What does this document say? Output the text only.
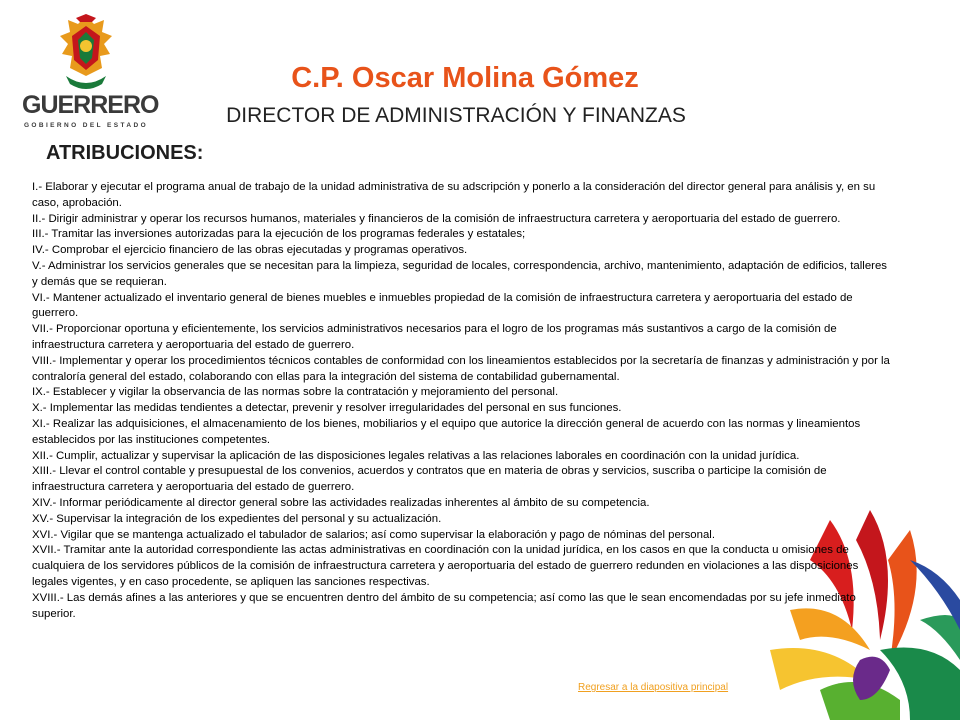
GUERRERO
GOBIERNO DEL ESTADO
C.P. Oscar Molina Gómez
DIRECTOR DE ADMINISTRACIÓN Y FINANZAS
ATRIBUCIONES:

I.- Elaborar y ejecutar el programa anual de trabajo de la unidad administrativa de su adscripción y ponerlo a la consideración del director general para análisis y, en su caso, aprobación.

II.- Dirigir administrar y operar los recursos humanos, materiales y financieros de la comisión de infraestructura carretera y aeroportuaria del estado de guerrero.

III.- Tramitar las inversiones autorizadas para la ejecución de los programas federales y estatales;

IV.- Comprobar el ejercicio financiero de las obras ejecutadas y programas operativos.

V.- Administrar los servicios generales que se necesitan para la limpieza, seguridad de locales, correspondencia, archivo, mantenimiento, adaptación de edificios, talleres y demás que se requieran.

VI.- Mantener actualizado el inventario general de bienes muebles e inmuebles propiedad de la comisión de infraestructura carretera y aeroportuaria del estado de guerrero.

VII.- Proporcionar oportuna y eficientemente, los servicios administrativos necesarios para el logro de los programas más sustantivos a cargo de la comisión de infraestructura carretera y aeroportuaria del estado de guerrero.

VIII.- Implementar y operar los procedimientos técnicos contables de conformidad con los lineamientos establecidos por la secretaría de finanzas y administración y por la contraloría general del estado, colaborando con ellas para la integración del sistema de contabilidad gubernamental.

IX.- Establecer y vigilar la observancia de las normas sobre la contratación y mejoramiento del personal.

X.- Implementar las medidas tendientes a detectar, prevenir y resolver irregularidades del personal en sus funciones.

XI.- Realizar las adquisiciones, el almacenamiento de los bienes, mobiliarios y el equipo que autorice la dirección general de acuerdo con las normas y lineamientos establecidos por las instituciones competentes.

XII.- Cumplir, actualizar y supervisar la aplicación de las disposiciones legales relativas a las relaciones laborales en coordinación con la unidad jurídica.

XIII.- Llevar el control contable y presupuestal de los convenios, acuerdos y contratos que en materia de obras y servicios, suscriba o participe la comisión de infraestructura carretera y aeroportuaria del estado de guerrero.

XIV.- Informar periódicamente al director general sobre las actividades realizadas inherentes al ámbito de su competencia.

XV.- Supervisar la integración de los expedientes del personal y su actualización.

XVI.- Vigilar que se mantenga actualizado el tabulador de salarios; así como supervisar la elaboración y pago de nóminas del personal.

XVII.- Tramitar ante la autoridad correspondiente las actas administrativas en coordinación con la unidad jurídica, en los casos en que la conducta u omisiones de cualquiera de los servidores públicos de la comisión de infraestructura carretera y aeroportuaria del estado de guerrero redunden en violaciones a las disposiciones legales vigentes, y en caso procedente, se apliquen las sanciones respectivas.

XVIII.- Las demás afines a las anteriores y que se encuentren dentro del ámbito de su competencia; así como las que le sean encomendadas por su jefe inmediato superior.

Regresar a la diapositiva principal
